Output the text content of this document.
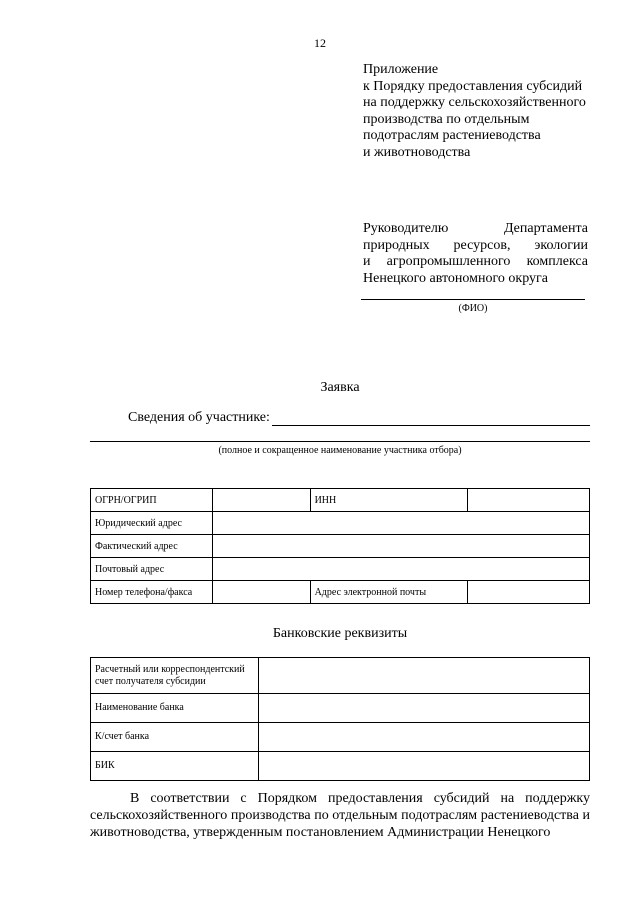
12
Приложение
к Порядку предоставления субсидий
на поддержку сельскохозяйственного
производства по отдельным
подотраслям растениеводства
и животноводства
Руководителю Департамента
природных ресурсов, экологии
и агропромышленного комплекса
Ненецкого автономного округа
(ФИО)
Заявка
Сведения об участнике:
(полное и сокращенное наименование участника отбора)
ОГРН/ОГРИП		ИНН	
Юридический адрес			
Фактический адрес			
Почтовый адрес			
Номер телефона/факса		Адрес электронной почты	
Банковские реквизиты
Расчетный или корреспондентский счет получателя субсидии	
Наименование банка	
К/счет банка	
БИК	
В соответствии с Порядком предоставления субсидий на поддержку сельскохозяйственного производства по отдельным подотраслям растениеводства и животноводства, утвержденным постановлением Администрации Ненецкого
